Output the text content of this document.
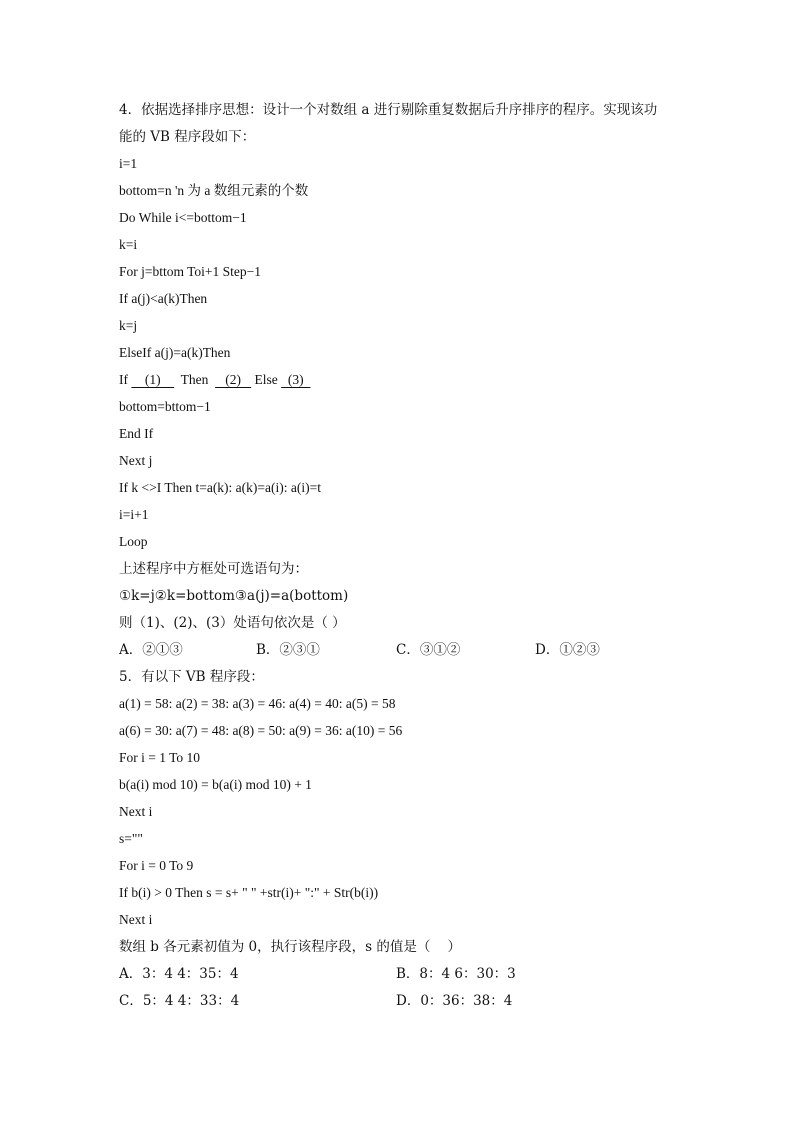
4．依据选择排序思想：设计一个对数组 a 进行剔除重复数据后升序排序的程序。实现该功
能的 VB 程序段如下：
i=1
bottom=n 'n 为 a 数组元素的个数
Do While i<=bottom−1
k=i
For j=bttom Toi+1 Step−1
If a(j)<a(k)Then
k=j
ElseIf a(j)=a(k)Then
If     (1)      Then     (2)    Else   (3)
bottom=bttom−1
End If
Next j
If k <>I Then t=a(k): a(k)=a(i): a(i)=t
i=i+1
Loop
上述程序中方框处可选语句为：
①k=j②k=bottom③a(j)=a(bottom)
则（1)、(2)、(3）处语句依次是（ ）
A．②①③	B．②③①	C．③①②	D．①②③
5．有以下 VB 程序段：
a(1) = 58: a(2) = 38: a(3) = 46: a(4) = 40: a(5) = 58
a(6) = 30: a(7) = 48: a(8) = 50: a(9) = 36: a(10) = 56
For i = 1 To 10
b(a(i) mod 10) = b(a(i) mod 10) + 1
Next i
s=""
For i = 0 To 9
If b(i) > 0 Then s = s+ " " +str(i)+ ":" + Str(b(i))
Next i
数组 b 各元素初值为 0，执行该程序段，s 的值是（    ）
A．3：4 4：35：4	B．8：4 6：30：3
C．5：4 4：33：4	D．0：36：38：4
